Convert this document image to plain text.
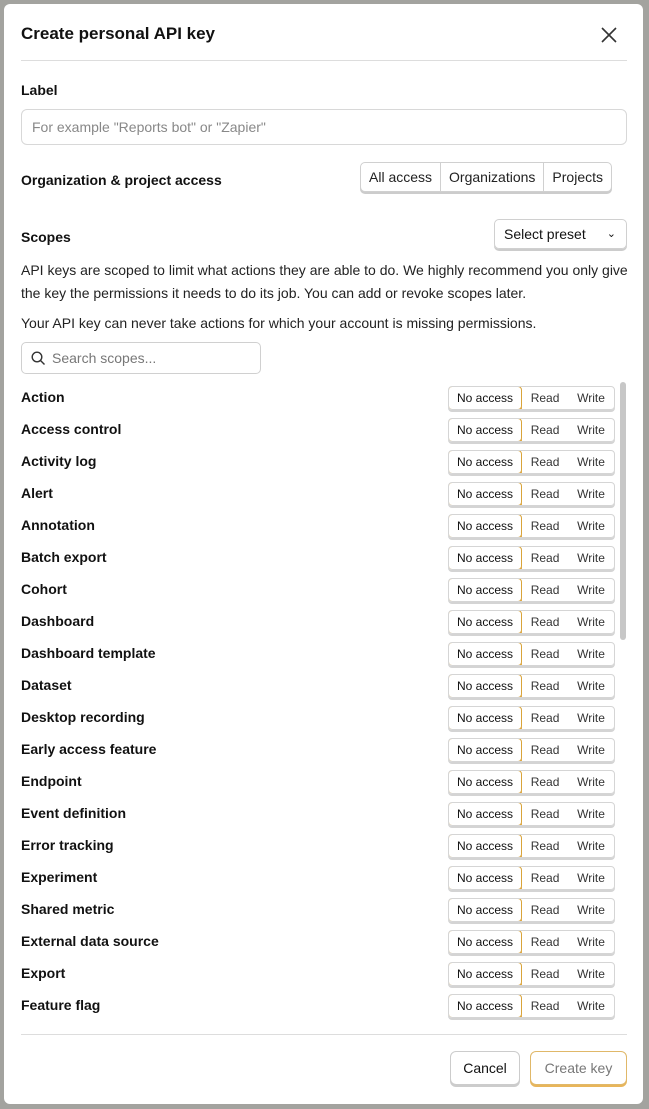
Create personal API key
Label
For example "Reports bot" or "Zapier"
Organization & project access	All access	Organizations	Projects
Scopes	Select preset ⌄
API keys are scoped to limit what actions they are able to do. We highly recommend you only give the key the permissions it needs to do its job. You can add or revoke scopes later.
Your API key can never take actions for which your account is missing permissions.
Search scopes...
Action	No access	Read	Write
Access control	No access	Read	Write
Activity log	No access	Read	Write
Alert	No access	Read	Write
Annotation	No access	Read	Write
Batch export	No access	Read	Write
Cohort	No access	Read	Write
Dashboard	No access	Read	Write
Dashboard template	No access	Read	Write
Dataset	No access	Read	Write
Desktop recording	No access	Read	Write
Early access feature	No access	Read	Write
Endpoint	No access	Read	Write
Event definition	No access	Read	Write
Error tracking	No access	Read	Write
Experiment	No access	Read	Write
Shared metric	No access	Read	Write
External data source	No access	Read	Write
Export	No access	Read	Write
Feature flag	No access	Read	Write
Cancel	Create key
